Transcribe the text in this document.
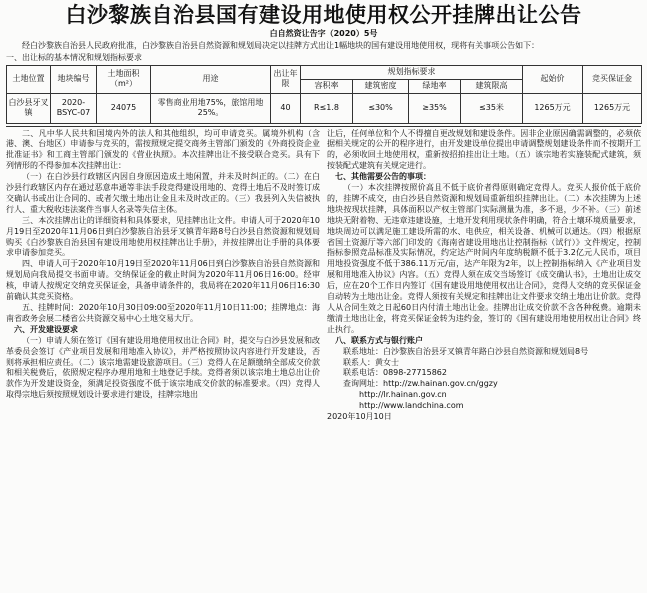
白沙黎族自治县国有建设用地使用权公开挂牌出让公告
白自然资让告字（2020）5号

经白沙黎族自治县人民政府批准，白沙黎族自治县自然资源和规划局决定以挂牌方式出让1幅地块的国有建设用地使用权，现将有关事项公告如下：

一、出让标的基本情况和规划指标要求

土地位置	地块编号	土地面积（m²）	用途	出让年限	规划指标要求				起始价	竞买保证金
					容积率	建筑密度	绿地率	建筑限高		
白沙县牙叉镇	2020-BSYC-07	24075	零售商业用地75%，旅馆用地25%。	40	R≤1.8	≤30%	≥35%	≤35米	1265万元	1265万元

二、凡中华人民共和国境内外的法人和其他组织，均可申请竞买。属境外机构（含港、澳、台地区）申请参与竞买的，需按照规定提交商务主管部门颁发的《外商投资企业批准证书》和工商主管部门颁发的《营业执照》。本次挂牌出让不接受联合竞买。具有下列情形的不得参加本次挂牌出让：

（一）在白沙县行政辖区内因自身原因造成土地闲置，并未及时纠正的。（二）在白沙县行政辖区内存在通过恶意串通等非法手段竞得建设用地的、竞得土地后不及时签订成交确认书或出让合同的、或者欠缴土地出让金且未及时改正的。（三）我县列入失信被执行人、重大税收违法案件当事人名录等失信主体。

三、本次挂牌出让的详细资料和具体要求，见挂牌出让文件。申请人可于2020年10月19日至2020年11月06日到白沙黎族自治县牙叉镇青年路8号白沙县自然资源和规划局购买《白沙黎族自治县国有建设用地使用权挂牌出让手册》，并按挂牌出让手册的具体要求申请参加竞买。

四、申请人可于2020年10月19日至2020年11月06日到白沙黎族自治县自然资源和规划局向我局提交书面申请。交纳保证金的截止时间为2020年11月06日16:00。经审核，申请人按规定交纳竞买保证金，具备申请条件的，我局将在2020年11月06日16:30前确认其竞买资格。

五、挂牌时间：2020年10月30日09:00至2020年11月10日11:00；挂牌地点：海南省政务会展二楼省公共资源交易中心土地交易大厅。

六、开发建设要求

（一）申请人须在签订《国有建设用地使用权出让合同》时，提交与白沙县发展和改革委员会签订《产业项目发展和用地准入协议》，并严格按照协议内容进行开发建设，否则将承担相应责任。（二）该宗地需建设旅游项目。（三）竞得人在足额缴纳全部成交价款和相关税费后，依照规定程序办理用地和土地登记手续。竞得者须以该宗地土地总出让价款作为开发建设资金，须满足投资强度不低于该宗地成交价款的标准要求。（四）竞得人取得宗地后须按照规划设计要求进行建设，挂牌宗地出

让后，任何单位和个人不得擅自更改规划和建设条件。因非企业原因确需调整的，必须依据相关规定的公开的程序进行，由开发建设单位提出申请调整规划建设条件而不按期开工的，必须收回土地使用权，重新按招拍挂出让土地。（五）该宗地若实施装配式建筑，须按装配式建筑有关规定进行。

七、其他需要公告的事项：

（一）本次挂牌按照价高且不低于底价者得原则确定竞得人。竞买人报价低于底价的，挂牌不成交，由白沙县自然资源和规划局重新组织挂牌出让。（二）本次挂牌为上述地块按现状挂牌，具体面积以产权主管部门实际测量为准，多不退，少不补。（三）前述地块无附着物、无违章违建设施，土地开发利用现状条件明确，符合土壤环境质量要求，地块周边可以满足施工建设所需的水、电供应，相关设备、机械可以通达。（四）根据原省国土资源厅等六部门印发的《海南省建设用地出让控制指标（试行）》文件规定，控制指标参照竞品标准及实际情况，约定达产时间内年度纳税额不低于3.2亿元人民币，项目用地投资强度不低于386.11万元/亩，达产年限为2年，以上控制指标纳入《产业项目发展和用地准入协议》内容。（五）竞得人须在成交当场签订《成交确认书》，土地出让成交后，应在20个工作日内签订《国有建设用地使用权出让合同》，竞得人交纳的竞买保证金自动转为土地出让金。竞得人须按有关规定和挂牌出让文件要求交纳土地出让价款。竞得人从合同生效之日起60日内付清土地出让金。挂牌出让成交价款不含各种税费。逾期未缴清土地出让金，将竞买保证金转为违约金，签订的《国有建设用地使用权出让合同》终止执行。

八、联系方式与银行账户

联系地址：白沙黎族自治县牙叉镇青年路白沙县自然资源和规划局8号

联系人：黄女士

联系电话：0898-27715862

查询网址：http://zw.hainan.gov.cn/ggzy

http://lr.hainan.gov.cn

http://www.landchina.com

2020年10月10日
